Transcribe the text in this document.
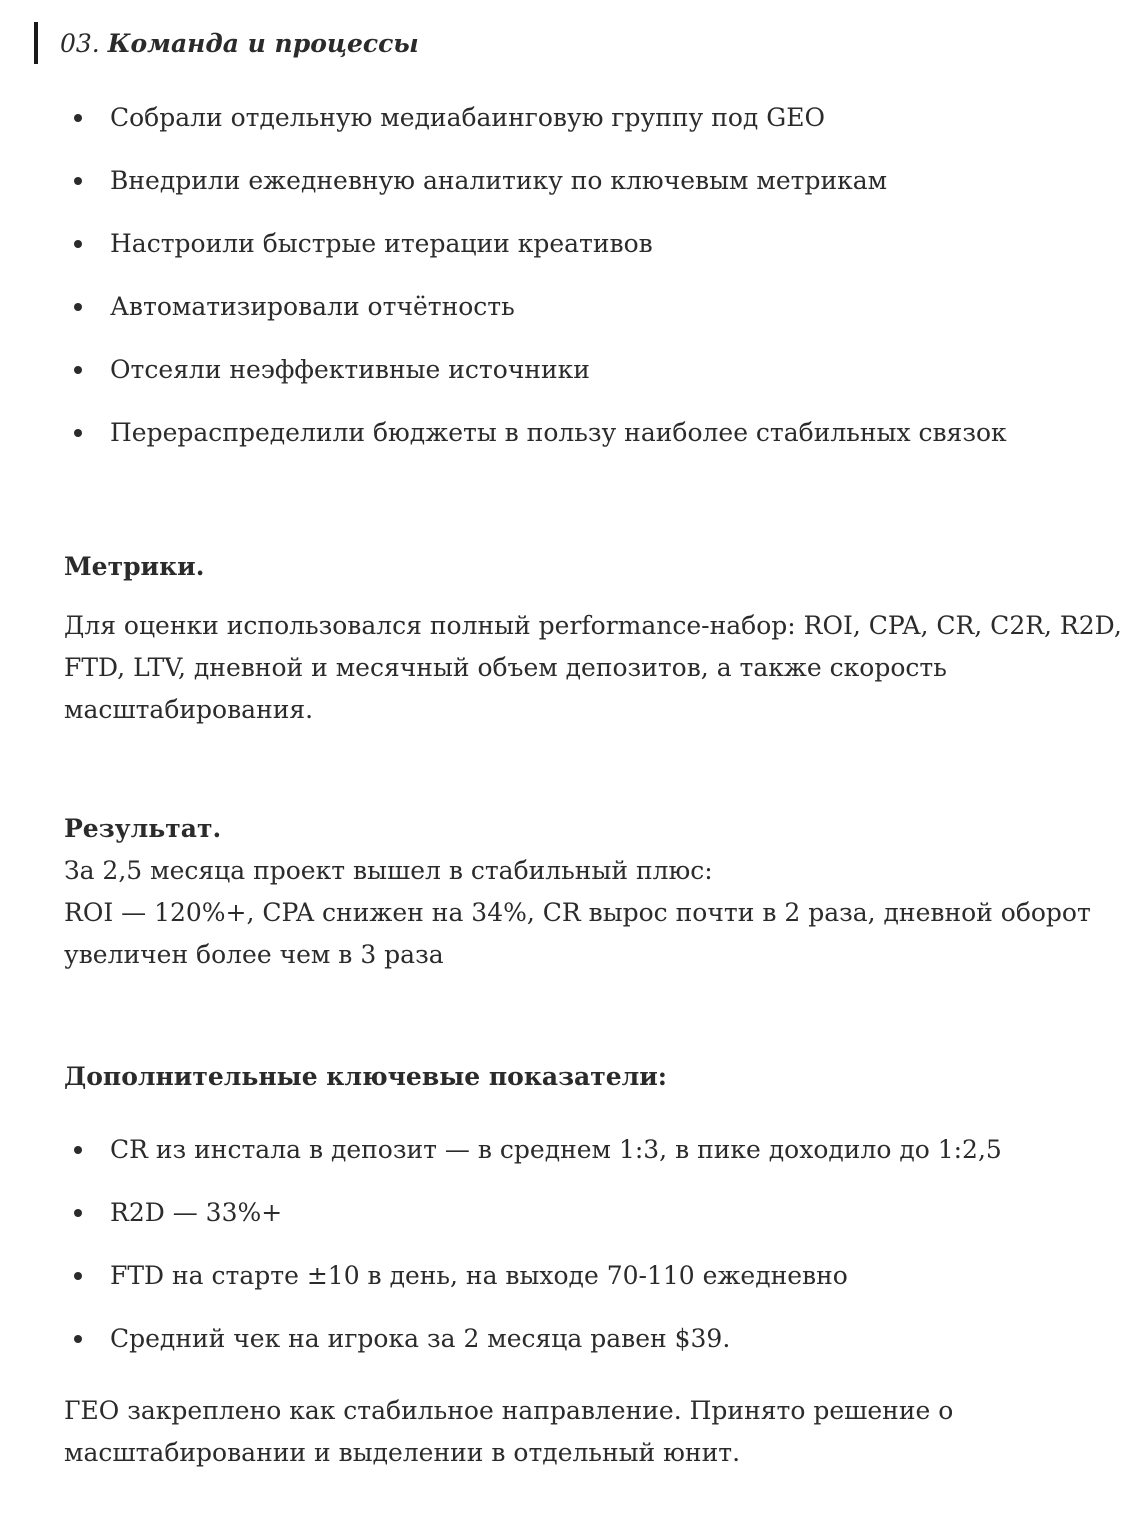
03. Команда и процессы
Собрали отдельную медиабаинговую группу под GEO
Внедрили ежедневную аналитику по ключевым метрикам
Настроили быстрые итерации креативов
Автоматизировали отчётность
Отсеяли неэффективные источники
Перераспределили бюджеты в пользу наиболее стабильных связок
Метрики.
Для оценки использовался полный performance-набор: ROI, CPA, CR, C2R, R2D,
FTD, LTV, дневной и месячный объем депозитов, а также скорость
масштабирования.
Результат.
За 2,5 месяца проект вышел в стабильный плюс:
ROI — 120%+, CPA снижен на 34%, CR вырос почти в 2 раза, дневной оборот
увеличен более чем в 3 раза
Дополнительные ключевые показатели:
CR из инстала в депозит — в среднем 1:3, в пике доходило до 1:2,5
R2D — 33%+
FTD на старте ±10 в день, на выходе 70-110 ежедневно
Средний чек на игрока за 2 месяца равен $39.
ГЕО закреплено как стабильное направление. Принято решение о
масштабировании и выделении в отдельный юнит.
